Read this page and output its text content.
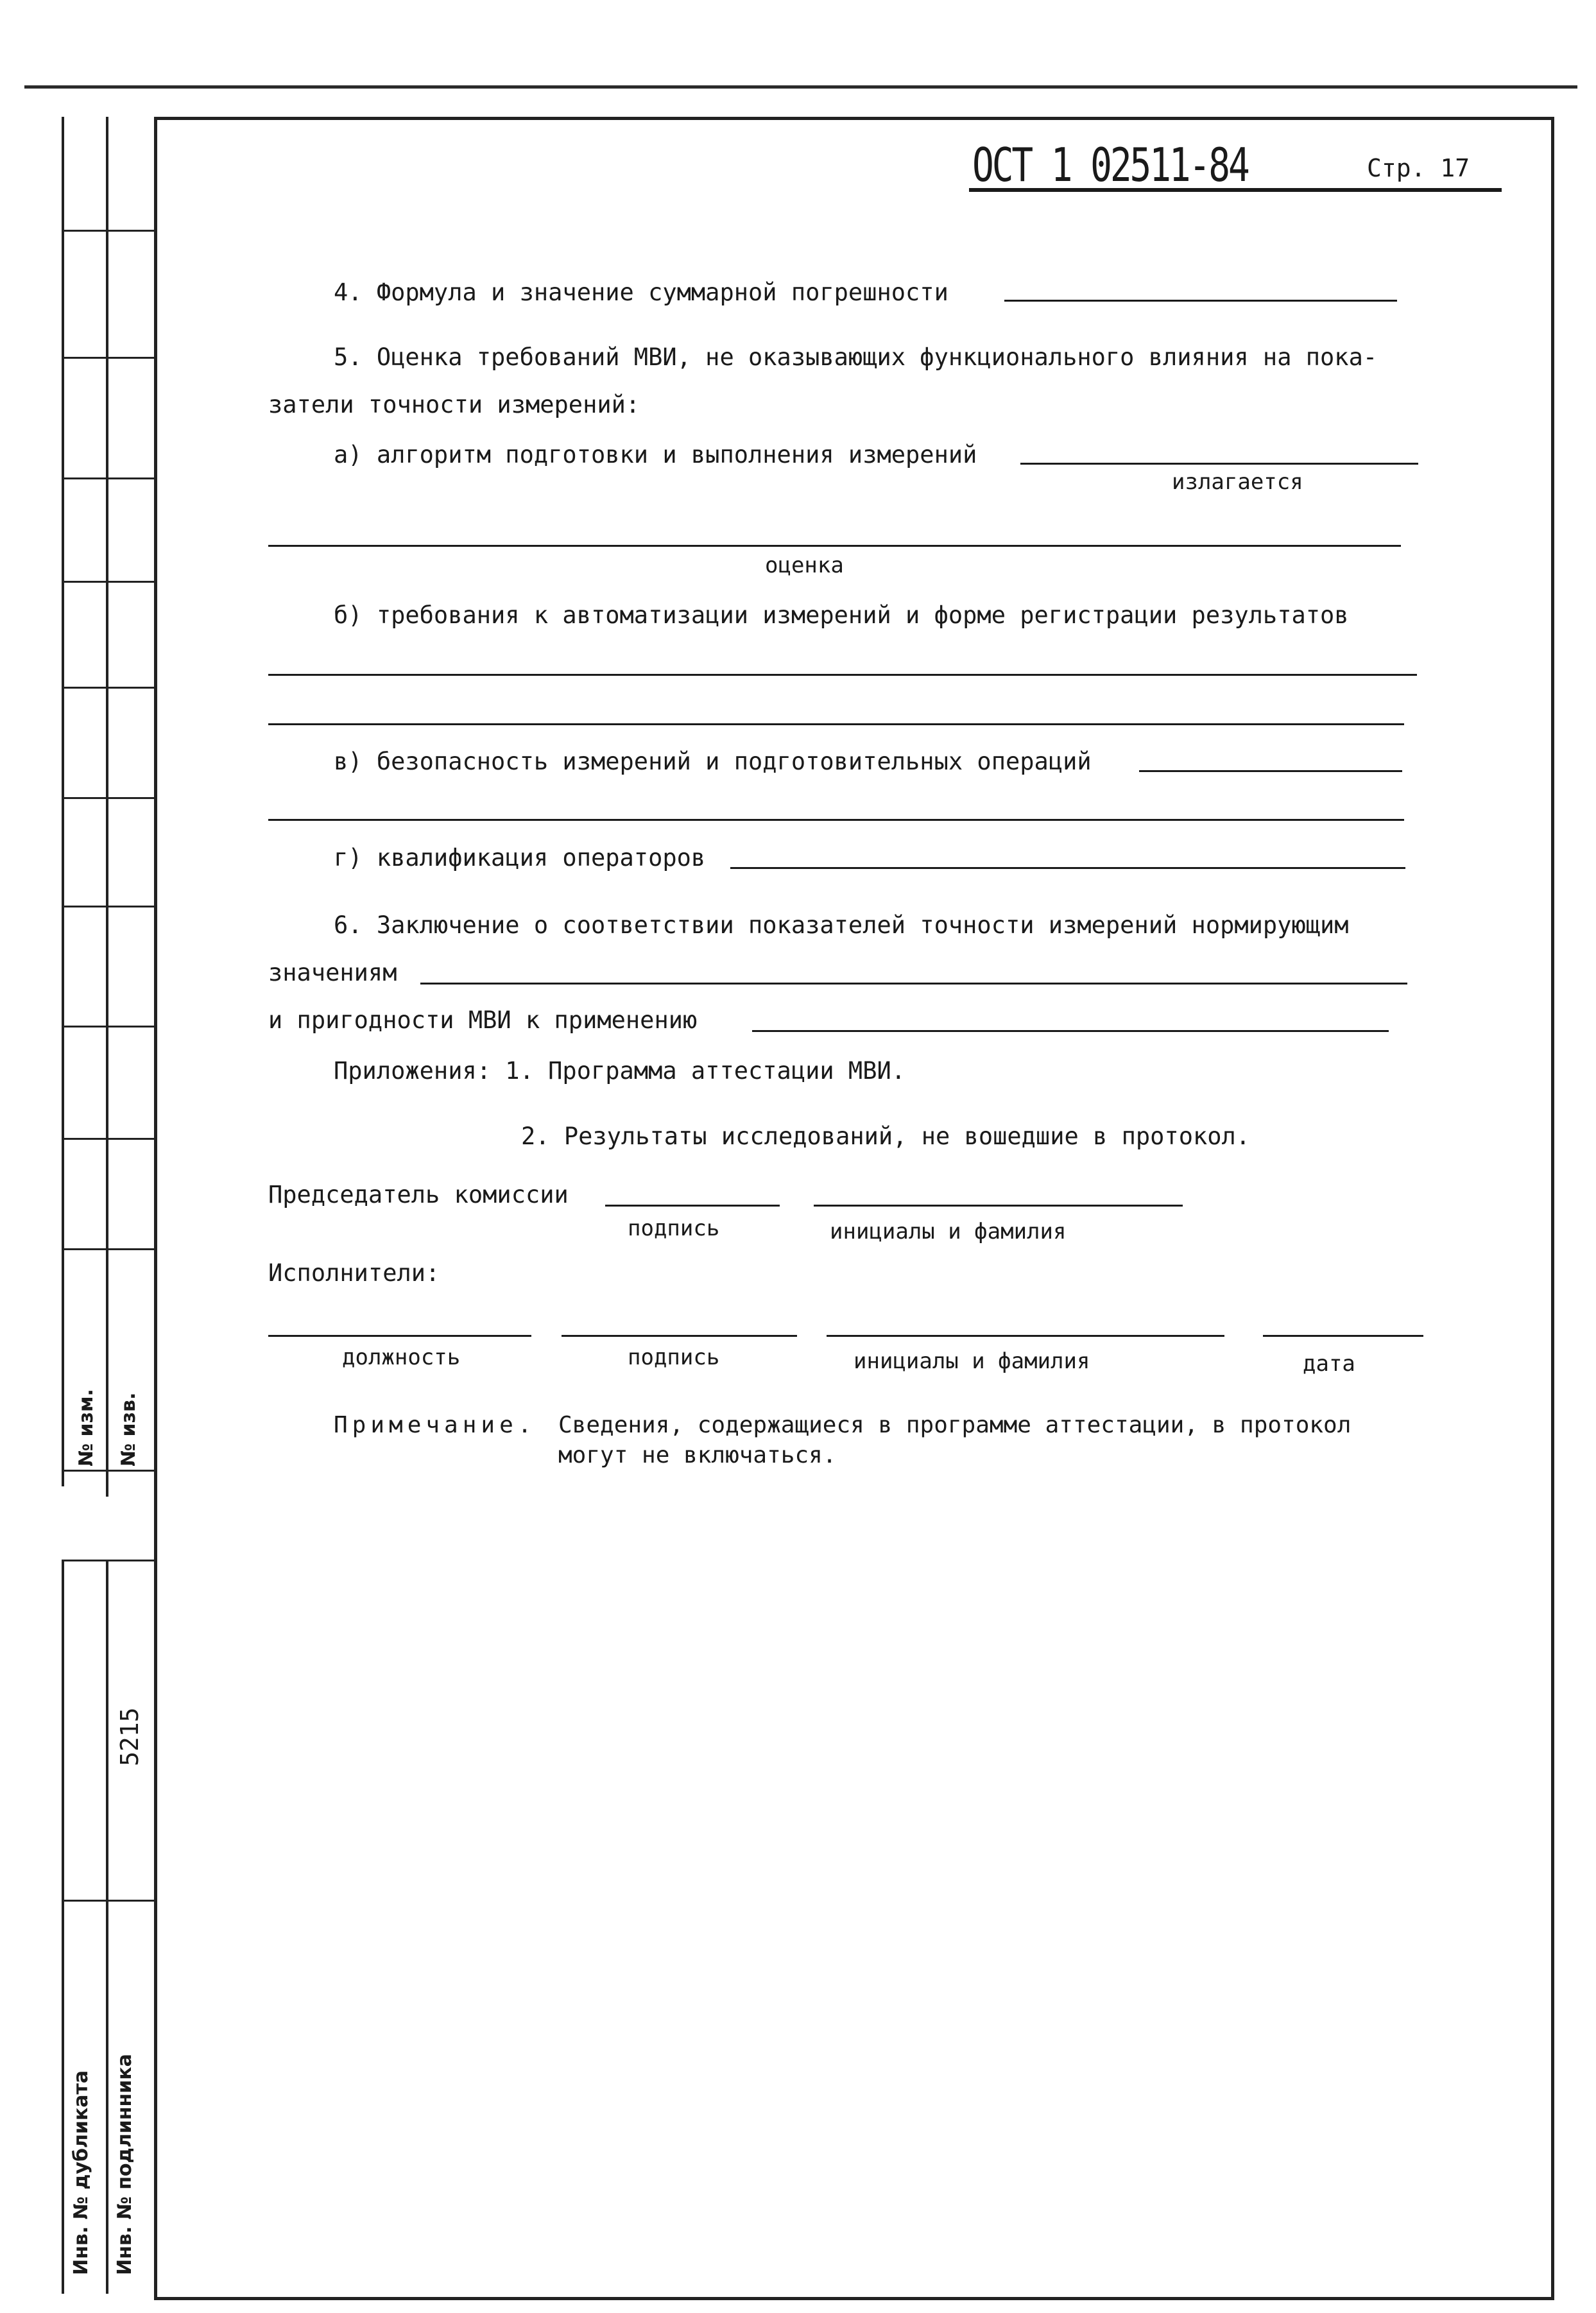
№ изм. № изв.
5215
Инв. № дубликата Инв. № подлинника
ОСТ 1 02511-84	Стр. 17
4. Формула и значение суммарной погрешности
5. Оценка требований МВИ, не оказывающих функционального влияния на пока-
затели точности измерений:
а) алгоритм подготовки и выполнения измерений
излагается
оценка
б) требования к автоматизации измерений и форме регистрации результатов
в) безопасность измерений и подготовительных операций
г) квалификация операторов
6. Заключение о соответствии показателей точности измерений нормирующим
значениям
и пригодности МВИ к применению
Приложения: 1. Программа аттестации МВИ.
2. Результаты исследований, не вошедшие в протокол.
Председатель комиссии
подпись	инициалы и фамилия
Исполнители:
должность	подпись	инициалы и фамилия	дата
Примечание. Сведения, содержащиеся в программе аттестации, в протокол
могут не включаться.
